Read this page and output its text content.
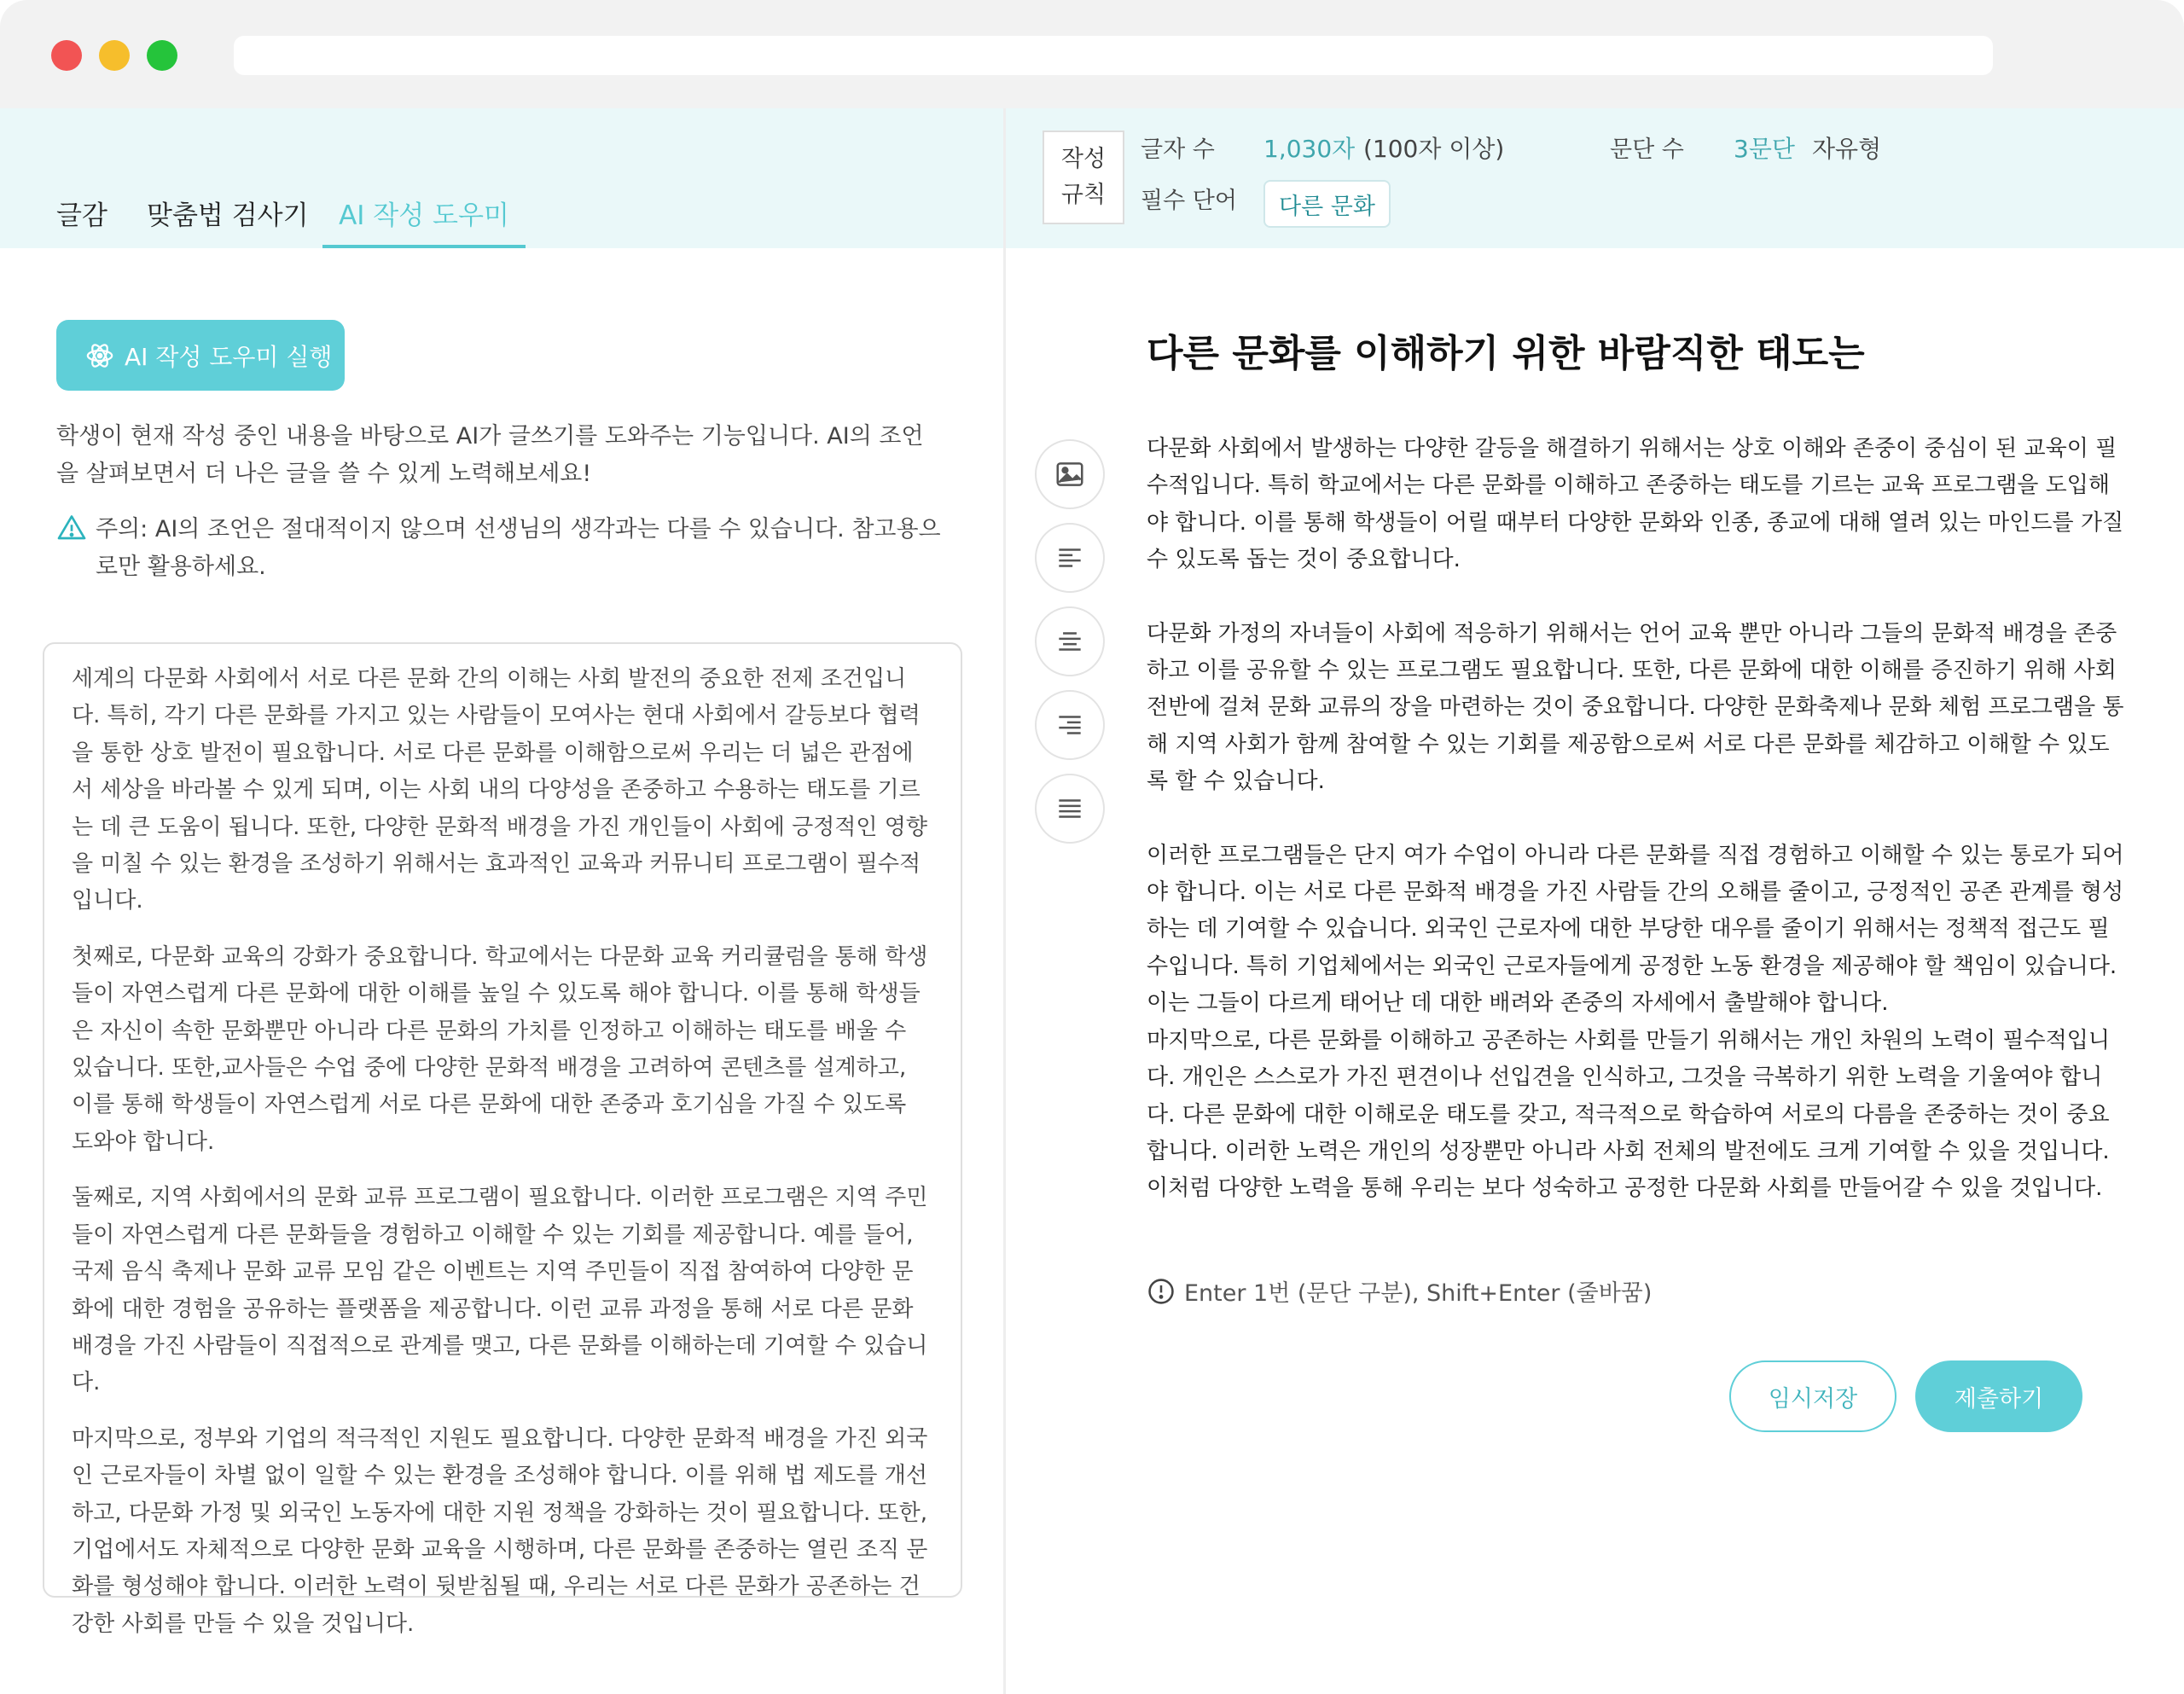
글감 맞춤법 검사기	AI 작성 도우미
작성
규칙
글자 수 1,030자 (100자 이상)	문단 수 3문단 자유형
필수 단어	다른 문화
AI 작성 도우미 실행
학생이 현재 작성 중인 내용을 바탕으로 AI가 글쓰기를 도와주는 기능입니다. AI의 조언을 살펴보면서 더 나은 글을 쓸 수 있게 노력해보세요!
주의: AI의 조언은 절대적이지 않으며 선생님의 생각과는 다를 수 있습니다. 참고용으로만 활용하세요.

세계의 다문화 사회에서 서로 다른 문화 간의 이해는 사회 발전의 중요한 전제 조건입니다. 특히, 각기 다른 문화를 가지고 있는 사람들이 모여사는 현대 사회에서 갈등보다 협력을 통한 상호 발전이 필요합니다. 서로 다른 문화를 이해함으로써 우리는 더 넓은 관점에서 세상을 바라볼 수 있게 되며, 이는 사회 내의 다양성을 존중하고 수용하는 태도를 기르는 데 큰 도움이 됩니다. 또한, 다양한 문화적 배경을 가진 개인들이 사회에 긍정적인 영향을 미칠 수 있는 환경을 조성하기 위해서는 효과적인 교육과 커뮤니티 프로그램이 필수적입니다.

첫째로, 다문화 교육의 강화가 중요합니다. 학교에서는 다문화 교육 커리큘럼을 통해 학생들이 자연스럽게 다른 문화에 대한 이해를 높일 수 있도록 해야 합니다. 이를 통해 학생들은 자신이 속한 문화뿐만 아니라 다른 문화의 가치를 인정하고 이해하는 태도를 배울 수 있습니다. 또한,교사들은 수업 중에 다양한 문화적 배경을 고려하여 콘텐츠를 설계하고, 이를 통해 학생들이 자연스럽게 서로 다른 문화에 대한 존중과 호기심을 가질 수 있도록 도와야 합니다.

둘째로, 지역 사회에서의 문화 교류 프로그램이 필요합니다. 이러한 프로그램은 지역 주민들이 자연스럽게 다른 문화들을 경험하고 이해할 수 있는 기회를 제공합니다. 예를 들어, 국제 음식 축제나 문화 교류 모임 같은 이벤트는 지역 주민들이 직접 참여하여 다양한 문화에 대한 경험을 공유하는 플랫폼을 제공합니다. 이런 교류 과정을 통해 서로 다른 문화배경을 가진 사람들이 직접적으로 관계를 맺고, 다른 문화를 이해하는데 기여할 수 있습니다.

마지막으로, 정부와 기업의 적극적인 지원도 필요합니다. 다양한 문화적 배경을 가진 외국인 근로자들이 차별 없이 일할 수 있는 환경을 조성해야 합니다. 이를 위해 법 제도를 개선하고, 다문화 가정 및 외국인 노동자에 대한 지원 정책을 강화하는 것이 필요합니다. 또한, 기업에서도 자체적으로 다양한 문화 교육을 시행하며, 다른 문화를 존중하는 열린 조직 문화를 형성해야 합니다. 이러한 노력이 뒷받침될 때, 우리는 서로 다른 문화가 공존하는 건강한 사회를 만들 수 있을 것입니다.

다른 문화를 이해하기 위한 바람직한 태도는

다문화 사회에서 발생하는 다양한 갈등을 해결하기 위해서는 상호 이해와 존중이 중심이 된 교육이 필수적입니다. 특히 학교에서는 다른 문화를 이해하고 존중하는 태도를 기르는 교육 프로그램을 도입해야 합니다. 이를 통해 학생들이 어릴 때부터 다양한 문화와 인종, 종교에 대해 열려 있는 마인드를 가질 수 있도록 돕는 것이 중요합니다.

다문화 가정의 자녀들이 사회에 적응하기 위해서는 언어 교육 뿐만 아니라 그들의 문화적 배경을 존중하고 이를 공유할 수 있는 프로그램도 필요합니다. 또한, 다른 문화에 대한 이해를 증진하기 위해 사회 전반에 걸쳐 문화 교류의 장을 마련하는 것이 중요합니다. 다양한 문화축제나 문화 체험 프로그램을 통해 지역 사회가 함께 참여할 수 있는 기회를 제공함으로써 서로 다른 문화를 체감하고 이해할 수 있도록 할 수 있습니다.

이러한 프로그램들은 단지 여가 수업이 아니라 다른 문화를 직접 경험하고 이해할 수 있는 통로가 되어야 합니다. 이는 서로 다른 문화적 배경을 가진 사람들 간의 오해를 줄이고, 긍정적인 공존 관계를 형성하는 데 기여할 수 있습니다. 외국인 근로자에 대한 부당한 대우를 줄이기 위해서는 정책적 접근도 필수입니다. 특히 기업체에서는 외국인 근로자들에게 공정한 노동 환경을 제공해야 할 책임이 있습니다. 이는 그들이 다르게 태어난 데 대한 배려와 존중의 자세에서 출발해야 합니다.

마지막으로, 다른 문화를 이해하고 공존하는 사회를 만들기 위해서는 개인 차원의 노력이 필수적입니다. 개인은 스스로가 가진 편견이나 선입견을 인식하고, 그것을 극복하기 위한 노력을 기울여야 합니다. 다른 문화에 대한 이해로운 태도를 갖고, 적극적으로 학습하여 서로의 다름을 존중하는 것이 중요합니다. 이러한 노력은 개인의 성장뿐만 아니라 사회 전체의 발전에도 크게 기여할 수 있을 것입니다. 이처럼 다양한 노력을 통해 우리는 보다 성숙하고 공정한 다문화 사회를 만들어갈 수 있을 것입니다.

Enter 1번 (문단 구분), Shift+Enter (줄바꿈)
임시저장	제출하기
